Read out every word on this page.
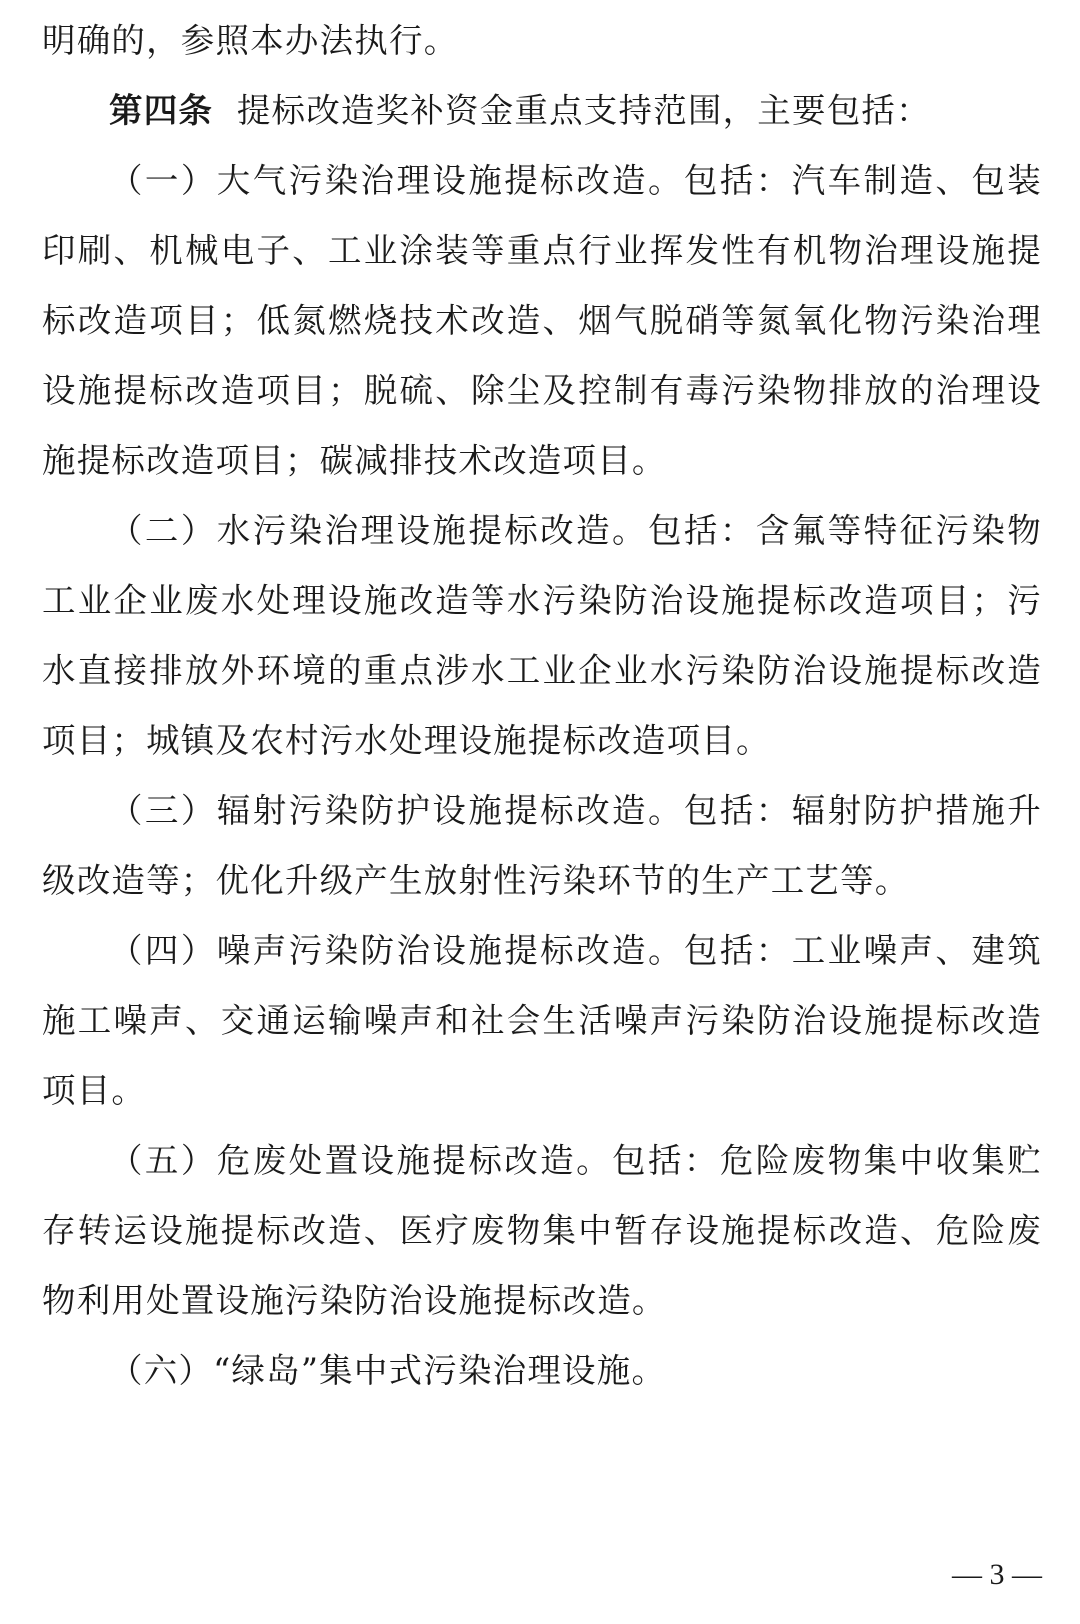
明确的，参照本办法执行。

第四条 提标改造奖补资金重点支持范围，主要包括：

（一）大气污染治理设施提标改造。包括：汽车制造、包装印刷、机械电子、工业涂装等重点行业挥发性有机物治理设施提标改造项目；低氮燃烧技术改造、烟气脱硝等氮氧化物污染治理设施提标改造项目；脱硫、除尘及控制有毒污染物排放的治理设施提标改造项目；碳减排技术改造项目。

（二）水污染治理设施提标改造。包括：含氟等特征污染物工业企业废水处理设施改造等水污染防治设施提标改造项目；污水直接排放外环境的重点涉水工业企业水污染防治设施提标改造项目；城镇及农村污水处理设施提标改造项目。

（三）辐射污染防护设施提标改造。包括：辐射防护措施升级改造等；优化升级产生放射性污染环节的生产工艺等。

（四）噪声污染防治设施提标改造。包括：工业噪声、建筑施工噪声、交通运输噪声和社会生活噪声污染防治设施提标改造项目。

（五）危废处置设施提标改造。包括：危险废物集中收集贮存转运设施提标改造、医疗废物集中暂存设施提标改造、危险废物利用处置设施污染防治设施提标改造。

（六）“绿岛”集中式污染治理设施。

— 3 —
